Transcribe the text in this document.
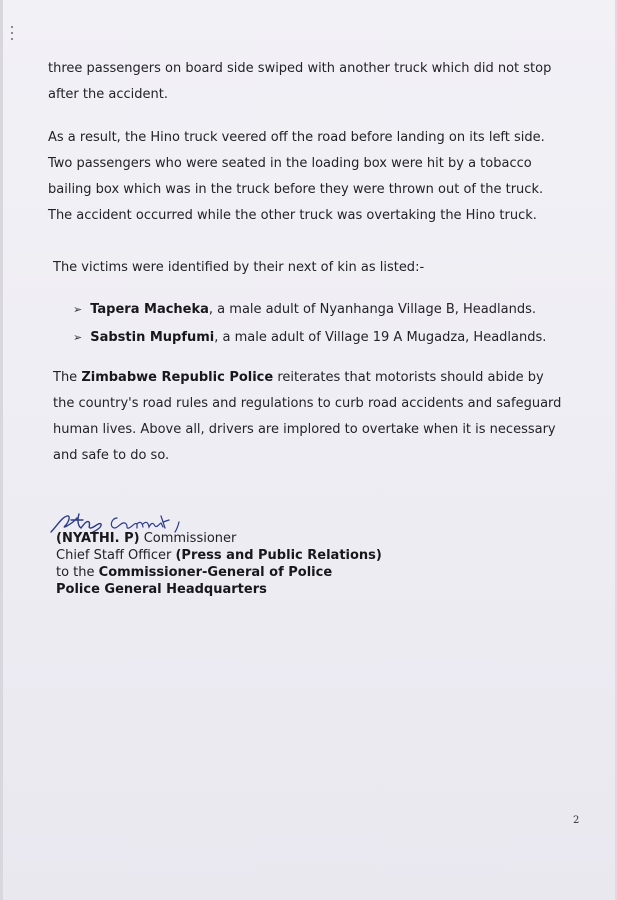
three passengers on board side swiped with another truck which did not stop
after the accident.
As a result, the Hino truck veered off the road before landing on its left side.
Two passengers who were seated in the loading box were hit by a tobacco
bailing box which was in the truck before they were thrown out of the truck.
The accident occurred while the other truck was overtaking the Hino truck.
The victims were identified by their next of kin as listed:-
➢ Tapera Macheka, a male adult of Nyanhanga Village B, Headlands.
➢ Sabstin Mupfumi, a male adult of Village 19 A Mugadza, Headlands.
The Zimbabwe Republic Police reiterates that motorists should abide by
the country's road rules and regulations to curb road accidents and safeguard
human lives. Above all, drivers are implored to overtake when it is necessary
and safe to do so.
(NYATHI. P) Commissioner
Chief Staff Officer (Press and Public Relations)
to the Commissioner-General of Police
Police General Headquarters
2
